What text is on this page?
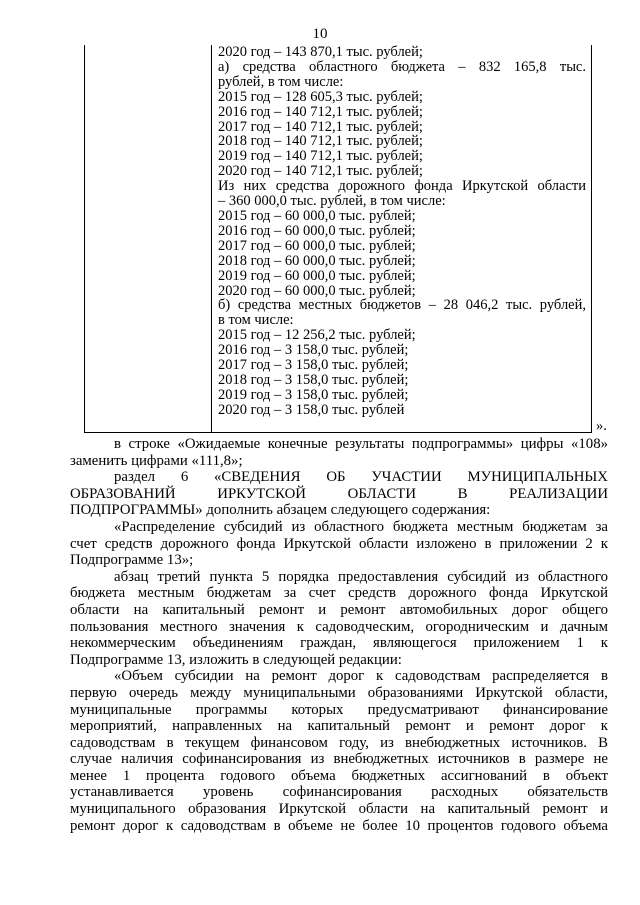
10
2020 год – 143 870,1 тыс. рублей;
а) средства областного бюджета – 832 165,8 тыс.
рублей, в том числе:
2015 год – 128 605,3 тыс. рублей;
2016 год – 140 712,1 тыс. рублей;
2017 год – 140 712,1 тыс. рублей;
2018 год – 140 712,1 тыс. рублей;
2019 год – 140 712,1 тыс. рублей;
2020 год – 140 712,1 тыс. рублей;
Из них средства дорожного фонда Иркутской области
– 360 000,0 тыс. рублей, в том числе:
2015 год – 60 000,0 тыс. рублей;
2016 год – 60 000,0 тыс. рублей;
2017 год – 60 000,0 тыс. рублей;
2018 год – 60 000,0 тыс. рублей;
2019 год – 60 000,0 тыс. рублей;
2020 год – 60 000,0 тыс. рублей;
б) средства местных бюджетов – 28 046,2 тыс. рублей,
в том числе:
2015 год – 12 256,2 тыс. рублей;
2016 год – 3 158,0 тыс. рублей;
2017 год – 3 158,0 тыс. рублей;
2018 год – 3 158,0 тыс. рублей;
2019 год – 3 158,0 тыс. рублей;
2020 год – 3 158,0 тыс. рублей
».
в строке «Ожидаемые конечные результаты подпрограммы» цифры «108»
заменить цифрами «111,8»;
раздел 6 «СВЕДЕНИЯ ОБ УЧАСТИИ МУНИЦИПАЛЬНЫХ
ОБРАЗОВАНИЙ ИРКУТСКОЙ ОБЛАСТИ В РЕАЛИЗАЦИИ
ПОДПРОГРАММЫ» дополнить абзацем следующего содержания:
«Распределение субсидий из областного бюджета местным бюджетам за
счет средств дорожного фонда Иркутской области изложено в приложении 2 к
Подпрограмме 13»;
абзац третий пункта 5 порядка предоставления субсидий из областного
бюджета местным бюджетам за счет средств дорожного фонда Иркутской
области на капитальный ремонт и ремонт автомобильных дорог общего
пользования местного значения к садоводческим, огородническим и дачным
некоммерческим объединениям граждан, являющегося приложением 1 к
Подпрограмме 13, изложить в следующей редакции:
«Объем субсидии на ремонт дорог к садоводствам распределяется в
первую очередь между муниципальными образованиями Иркутской области,
муниципальные программы которых предусматривают финансирование
мероприятий, направленных на капитальный ремонт и ремонт дорог к
садоводствам в текущем финансовом году, из внебюджетных источников. В
случае наличия софинансирования из внебюджетных источников в размере не
менее 1 процента годового объема бюджетных ассигнований в объект
устанавливается уровень софинансирования расходных обязательств
муниципального образования Иркутской области на капитальный ремонт и
ремонт дорог к садоводствам в объеме не более 10 процентов годового объема
